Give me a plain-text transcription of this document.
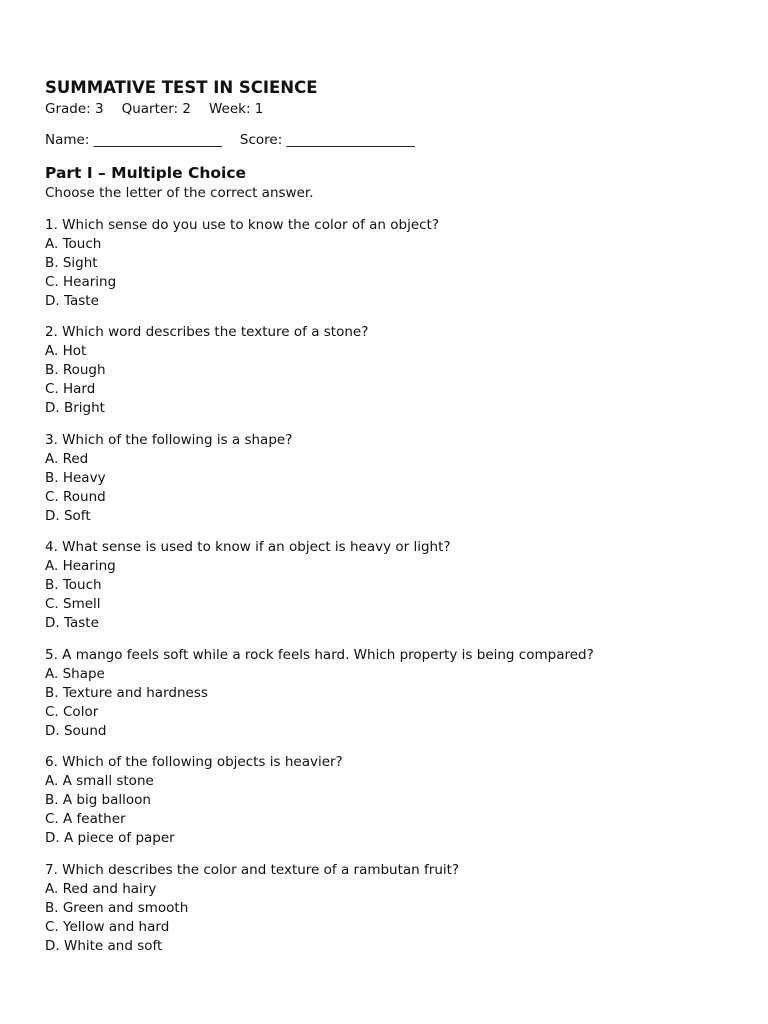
SUMMATIVE TEST IN SCIENCE
Grade: 3 Quarter: 2 Week: 1
Name: ___________________ Score: ___________________
Part I – Multiple Choice
Choose the letter of the correct answer.
1. Which sense do you use to know the color of an object?
A. Touch
B. Sight
C. Hearing
D. Taste
2. Which word describes the texture of a stone?
A. Hot
B. Rough
C. Hard
D. Bright
3. Which of the following is a shape?
A. Red
B. Heavy
C. Round
D. Soft
4. What sense is used to know if an object is heavy or light?
A. Hearing
B. Touch
C. Smell
D. Taste
5. A mango feels soft while a rock feels hard. Which property is being compared?
A. Shape
B. Texture and hardness
C. Color
D. Sound
6. Which of the following objects is heavier?
A. A small stone
B. A big balloon
C. A feather
D. A piece of paper
7. Which describes the color and texture of a rambutan fruit?
A. Red and hairy
B. Green and smooth
C. Yellow and hard
D. White and soft
